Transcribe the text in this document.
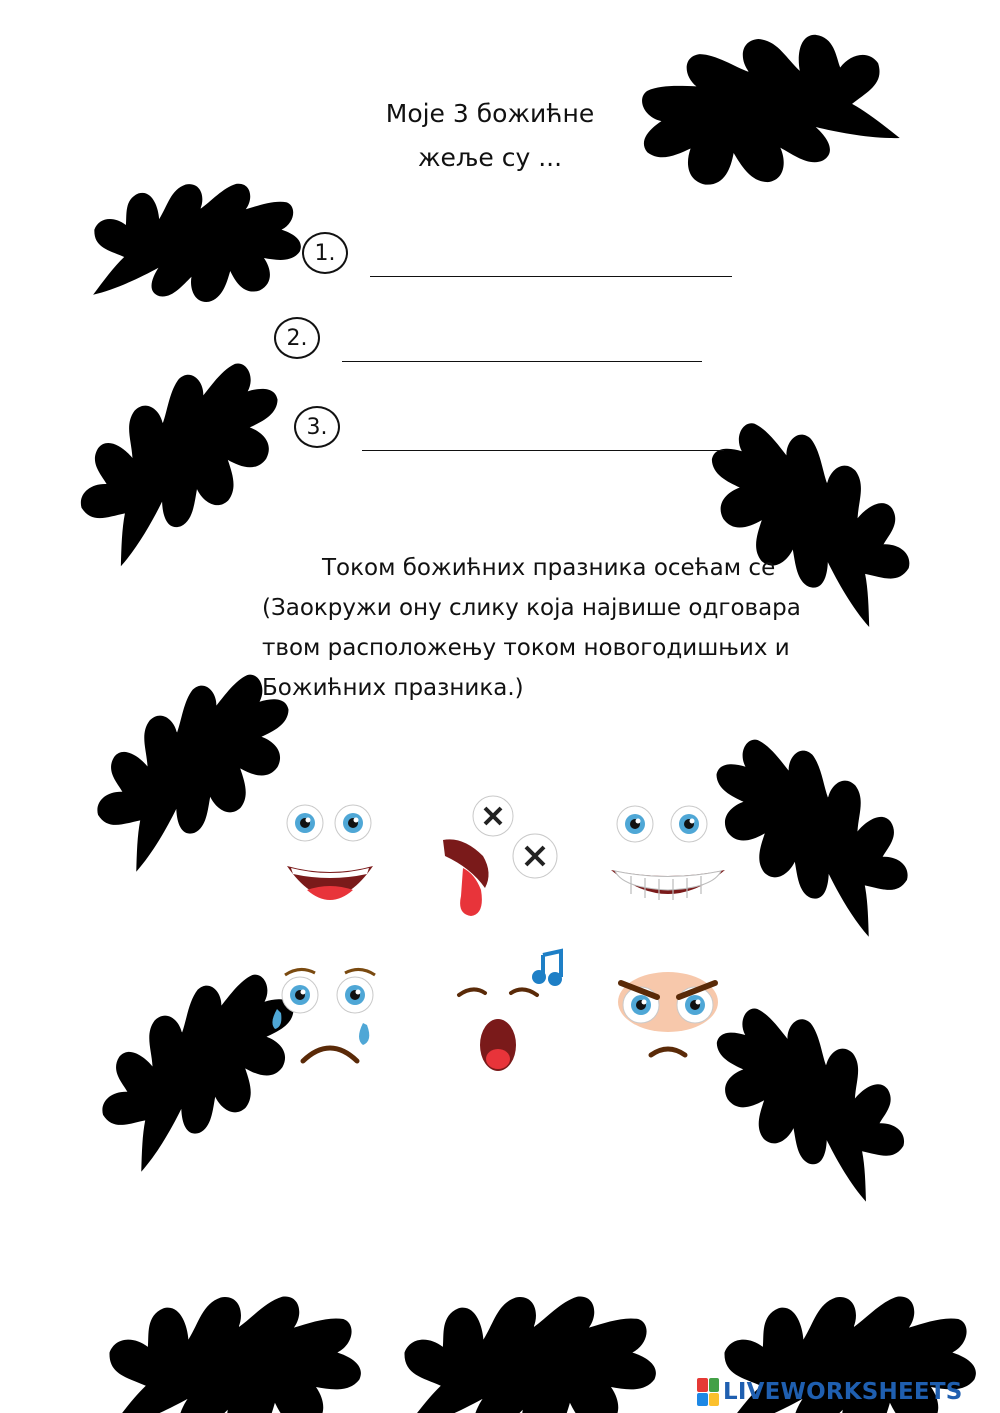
Моје 3 божићне
жеље су ...
1.
2.
3.
Током божићних празника осећам се (Заокружи ону слику која највише одговара твом расположењу током новогодишњих и Божићних празника.)
LIVEWORKSHEETS
